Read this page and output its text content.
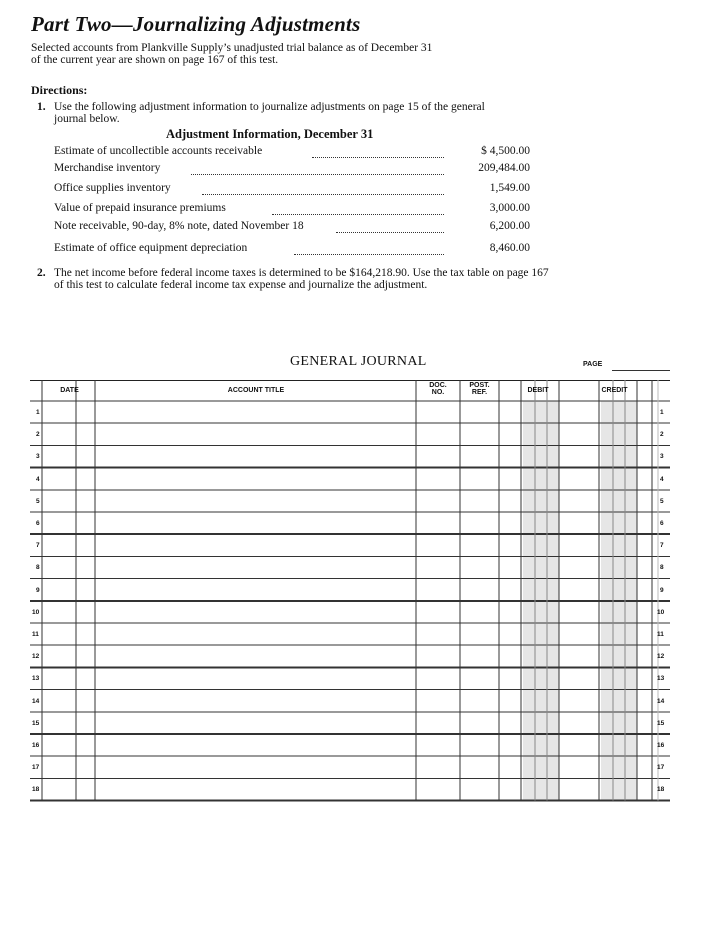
Part Two—Journalizing Adjustments
Selected accounts from Plankville Supply’s unadjusted trial balance as of December 31
of the current year are shown on page 167 of this test.
Directions:
1. Use the following adjustment information to journalize adjustments on page 15 of the general
journal below.
Adjustment Information, December 31
Estimate of uncollectible accounts receivable	$ 4,500.00
Merchandise inventory	209,484.00
Office supplies inventory	1,549.00
Value of prepaid insurance premiums	3,000.00
Note receivable, 90-day, 8% note, dated November 18	6,200.00
Estimate of office equipment depreciation	8,460.00
2. The net income before federal income taxes is determined to be $164,218.90. Use the tax table on page 167
of this test to calculate federal income tax expense and journalize the adjustment.
GENERAL JOURNAL	PAGE
DATE	ACCOUNT TITLE
DOC.
NO.
POST.
REF.	DEBIT	CREDIT
1	1
2	2
3	3
4	4
5	5
6	6
7	7
8	8
9	9
10	10
11	11
12	12
13	13
14	14
15	15
16	16
17	17
18	18
